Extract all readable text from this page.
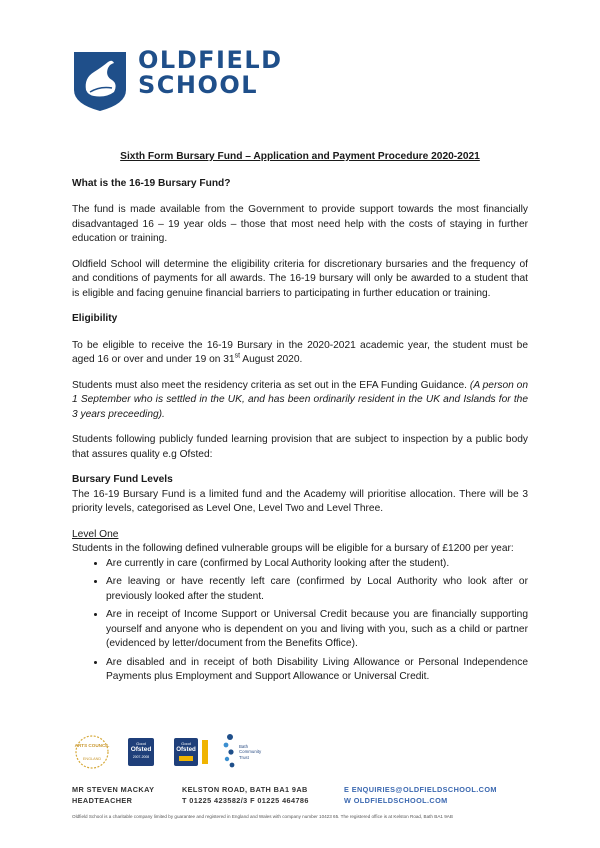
OLDFIELD
SCHOOL
Sixth Form Bursary Fund – Application and Payment Procedure 2020-2021
What is the 16-19 Bursary Fund?

The fund is made available from the Government to provide support towards the most financially disadvantaged 16 – 19 year olds – those that most need help with the costs of staying in further education or training.

Oldfield School will determine the eligibility criteria for discretionary bursaries and the frequency of and conditions of payments for all awards. The 16-19 bursary will only be awarded to a student that is eligible and facing genuine financial barriers to participating in further education or training.

Eligibility

To be eligible to receive the 16-19 Bursary in the 2020-2021 academic year, the student must be aged 16 or over and under 19 on 31st August 2020.

Students must also meet the residency criteria as set out in the EFA Funding Guidance. (A person on 1 September who is settled in the UK, and has been ordinarily resident in the UK and Islands for the 3 years preceeding).

Students following publicly funded learning provision that are subject to inspection by a public body that assures quality e.g Ofsted:

Bursary Fund Levels

The 16-19 Bursary Fund is a limited fund and the Academy will prioritise allocation. There will be 3 priority levels, categorised as Level One, Level Two and Level Three.

Level One
Students in the following defined vulnerable groups will be eligible for a bursary of £1200 per year:
• Are currently in care (confirmed by Local Authority looking after the student).
• Are leaving or have recently left care (confirmed by Local Authority who look after or previously looked after the student.
• Are in receipt of Income Support or Universal Credit because you are financially supporting yourself and anyone who is dependent on you and living with you, such as a child or partner (evidenced by letter/document from the Benefits Office).
• Are disabled and in receipt of both Disability Living Allowance or Personal Independence Payments plus Employment and Support Allowance or Universal Credit.
ARTS COUNCIL
ENGLAND
Good
Ofsted
2007-2008
Good
Ofsted	Bath
Community
Trust
MR STEVEN MACKAY
HEADTEACHER
KELSTON ROAD, BATH BA1 9AB
T 01225 423582/3 F 01225 464786
E ENQUIRIES@OLDFIELDSCHOOL.COM
W OLDFIELDSCHOOL.COM
Oldfield School is a charitable company limited by guarantee and registered in England and Wales with company number 10423 65. The registered office is at Kelston Road, Bath BA1 9AB
